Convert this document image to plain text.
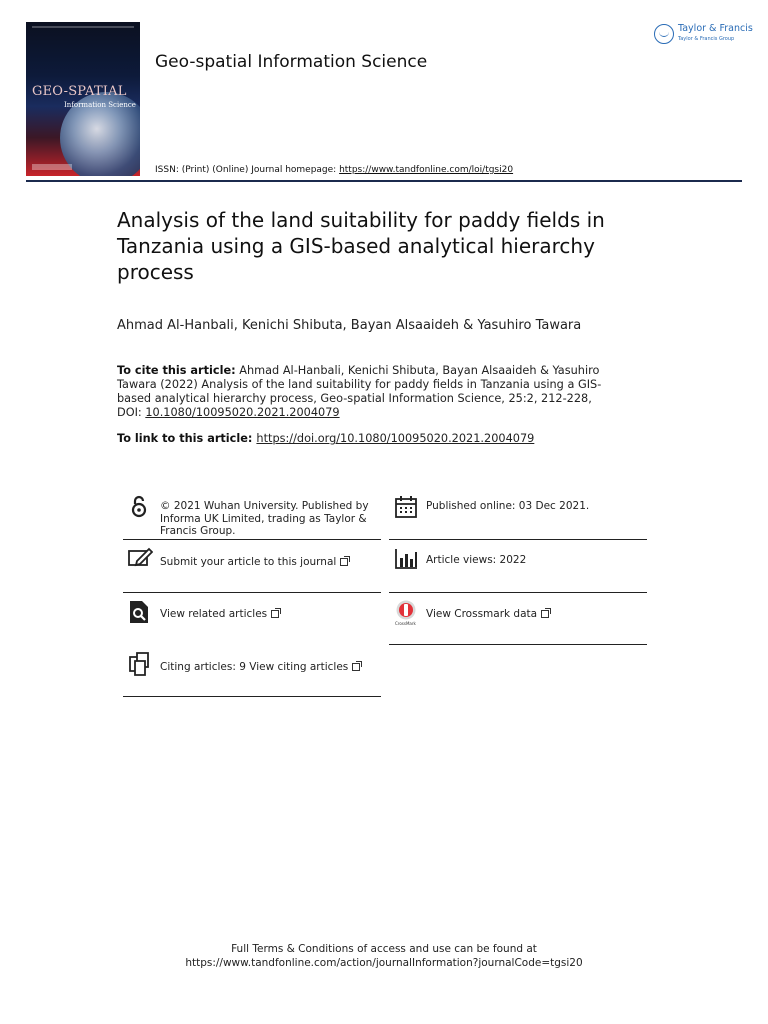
GEO-SPATIAL
Information Science
Geo-spatial Information Science
ISSN: (Print) (Online) Journal homepage: https://www.tandfonline.com/loi/tgsi20
Taylor & Francis
Taylor & Francis Group
Analysis of the land suitability for paddy fields in Tanzania using a GIS-based analytical hierarchy process
Ahmad Al-Hanbali, Kenichi Shibuta, Bayan Alsaaideh & Yasuhiro Tawara
To cite this article: Ahmad Al-Hanbali, Kenichi Shibuta, Bayan Alsaaideh & Yasuhiro Tawara (2022) Analysis of the land suitability for paddy fields in Tanzania using a GIS-based analytical hierarchy process, Geo-spatial Information Science, 25:2, 212-228, DOI: 10.1080/10095020.2021.2004079
To link to this article: https://doi.org/10.1080/10095020.2021.2004079
© 2021 Wuhan University. Published by Informa UK Limited, trading as Taylor & Francis Group.
Submit your article to this journal
View related articles
Citing articles: 9 View citing articles
Published online: 03 Dec 2021.
Article views: 2022
CrossMark
View Crossmark data
Full Terms & Conditions of access and use can be found at
https://www.tandfonline.com/action/journalInformation?journalCode=tgsi20
